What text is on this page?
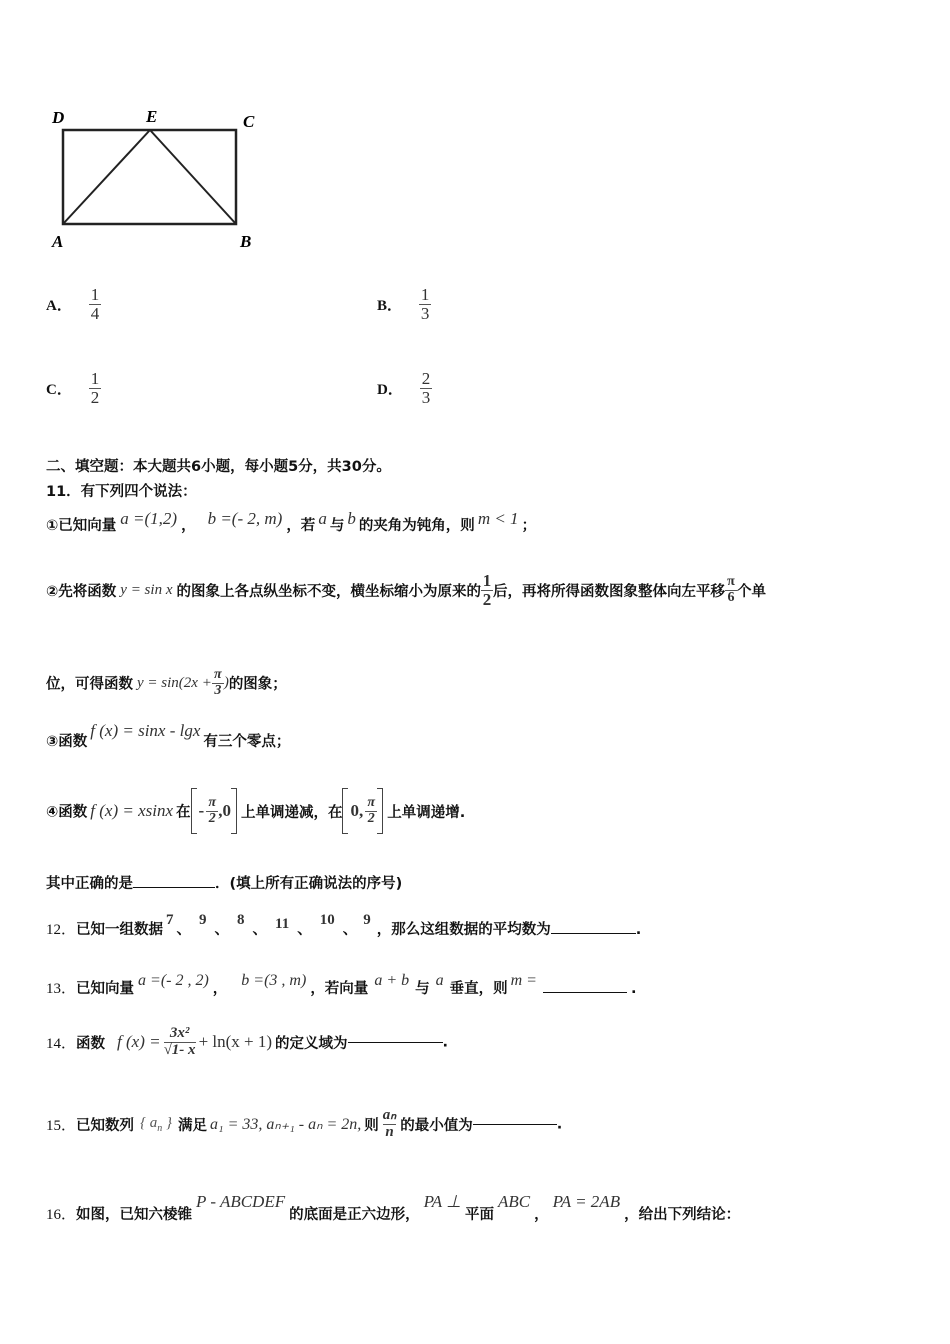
D	E	C
A	B
A． $\frac{1}{4}$	B． $\frac{1}{3}$
C． $\frac{1}{2}$	D． $\frac{2}{3}$
二、填空题：本大题共6小题，每小题5分，共30分。
11．有下列四个说法：
①已知向量 a =(1,2) ， b =(- 2, m) ，若 a 与 b 的夹角为钝角，则 m < 1 ；
②先将函数 y = sin x 的图象上各点纵坐标不变，横坐标缩小为原来的 $\frac{1}{2}$ 后，再将所得函数图象整体向左平移 $\frac{\pi}{6}$ 个单
位，可得函数 $y = \sin(2x + \frac{\pi}{3}$ )的图象；
③函数f (x) = sinx - lgx有三个零点；
④函数 f (x) = xsinx 在 - $\frac{\pi}{2} ,0$ 上单调递减，在 0, $\frac{\pi}{2}$ 上单调递增.
其中正确的是	．(填上所有正确说法的序号)
12．已知一组数据7、9、8、 11 、10、9，那么这组数据的平均数为	.
13．已知向量 a =(- 2 , 2) ， b =(3 , m) ，若向量 a + b 与 a 垂直，则 m =	.
14．函数 f $(x) = \frac{\text{3x²}}{√1- x} + \ln(x + 1)$ 的定义域为	.
15．已知数列 { $a_n$ } 满足 a₁ = 33, aₙ₊₁ - aₙ = 2n, 则 $\frac{\text{aₙ}}{n}$ 的最小值为	.
16．如图，已知六棱锥P - ABCDEF的底面是正六边形，PA ⊥平面ABC，PA = 2AB，给出下列结论：
